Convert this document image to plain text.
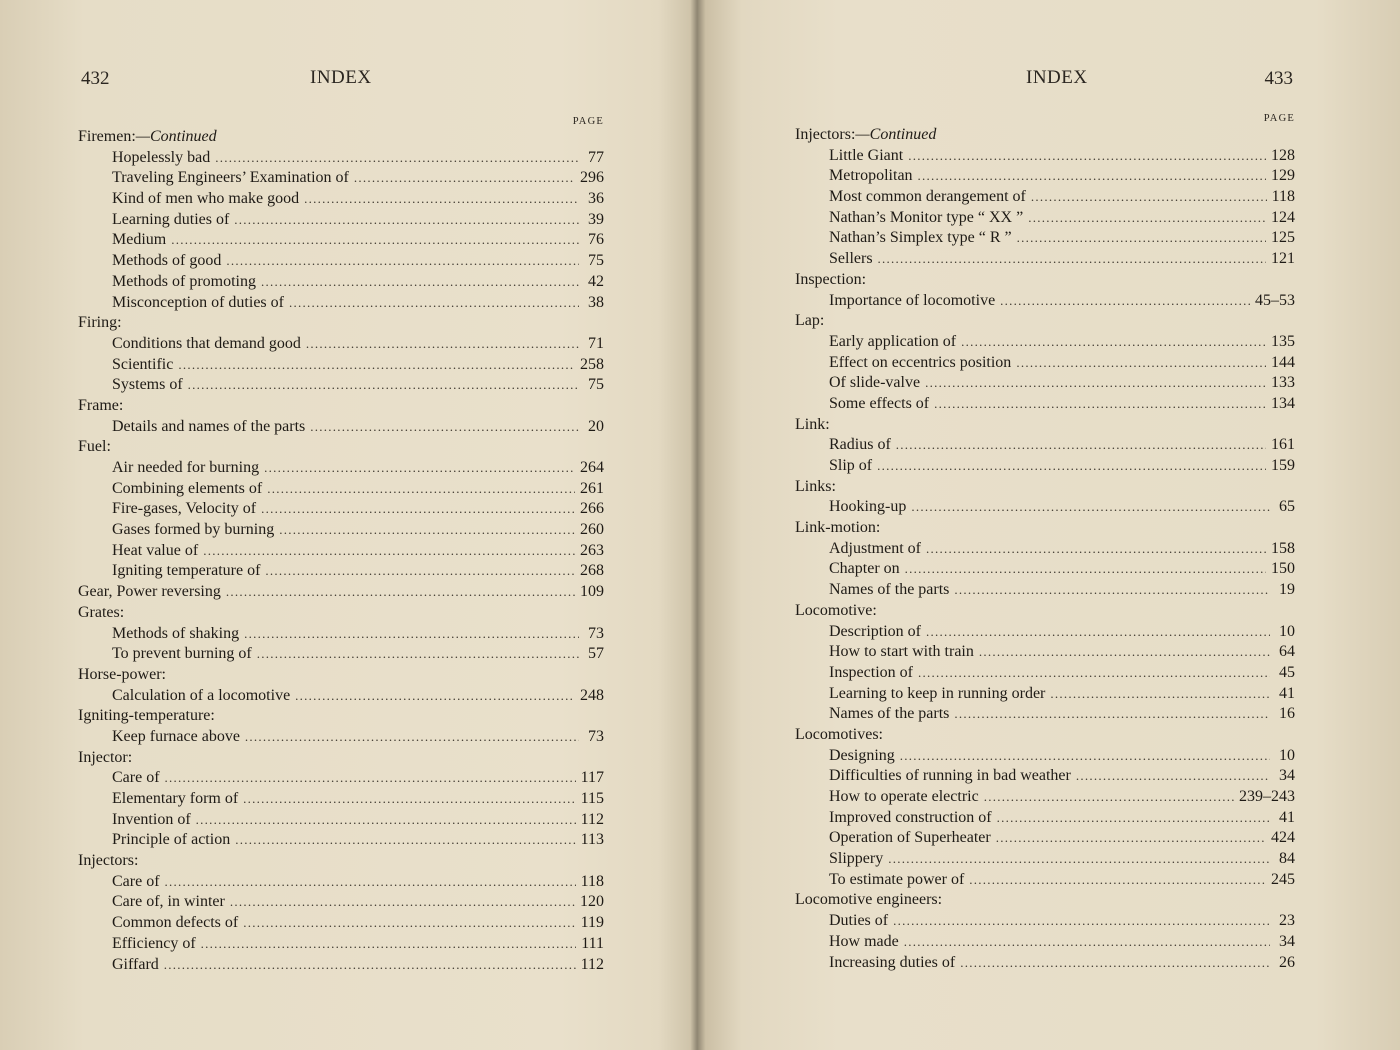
432	INDEX
PAGE
Firemen:—Continued
Hopelessly bad . . .	77
Traveling Engineers’ Examination of . . .	296
Kind of men who make good . . .	36
Learning duties of . . .	39
Medium . . .	76
Methods of good . . .	75
Methods of promoting . . .	42
Misconception of duties of . . .	38
Firing:
Conditions that demand good . . .	71
Scientific . . .	258
Systems of . . .	75
Frame:
Details and names of the parts . . .	20
Fuel:
Air needed for burning . . .	264
Combining elements of . . .	261
Fire-gases, Velocity of . . .	266
Gases formed by burning . . .	260
Heat value of . . .	263
Igniting temperature of . . .	268
Gear, Power reversing . . .	109
Grates:
Methods of shaking . . .	73
To prevent burning of . . .	57
Horse-power:
Calculation of a locomotive . . .	248
Igniting-temperature:
Keep furnace above . . .	73
Injector:
Care of . . .	117
Elementary form of . . .	115
Invention of . . .	112
Principle of action . . .	113
Injectors:
Care of . . .	118
Care of, in winter . . .	120
Common defects of . . .	119
Efficiency of . . .	111
Giffard . . .	112
INDEX	433
PAGE
Injectors:—Continued
Little Giant . . .	128
Metropolitan . . .	129
Most common derangement of . . .	118
Nathan’s Monitor type “ XX ” . . .	124
Nathan’s Simplex type “ R ” . . .	125
Sellers . . .	121
Inspection:
Importance of locomotive . . .	45–53
Lap:
Early application of . . .	135
Effect on eccentrics position . . .	144
Of slide-valve . . .	133
Some effects of . . .	134
Link:
Radius of . . .	161
Slip of . . .	159
Links:
Hooking-up . . .	65
Link-motion:
Adjustment of . . .	158
Chapter on . . .	150
Names of the parts . . .	19
Locomotive:
Description of . . .	10
How to start with train . . .	64
Inspection of . . .	45
Learning to keep in running order . . .	41
Names of the parts . . .	16
Locomotives:
Designing . . .	10
Difficulties of running in bad weather . . .	34
How to operate electric . . .	239–243
Improved construction of . . .	41
Operation of Superheater . . .	424
Slippery . . .	84
To estimate power of . . .	245
Locomotive engineers:
Duties of . . .	23
How made . . .	34
Increasing duties of . . .	26
